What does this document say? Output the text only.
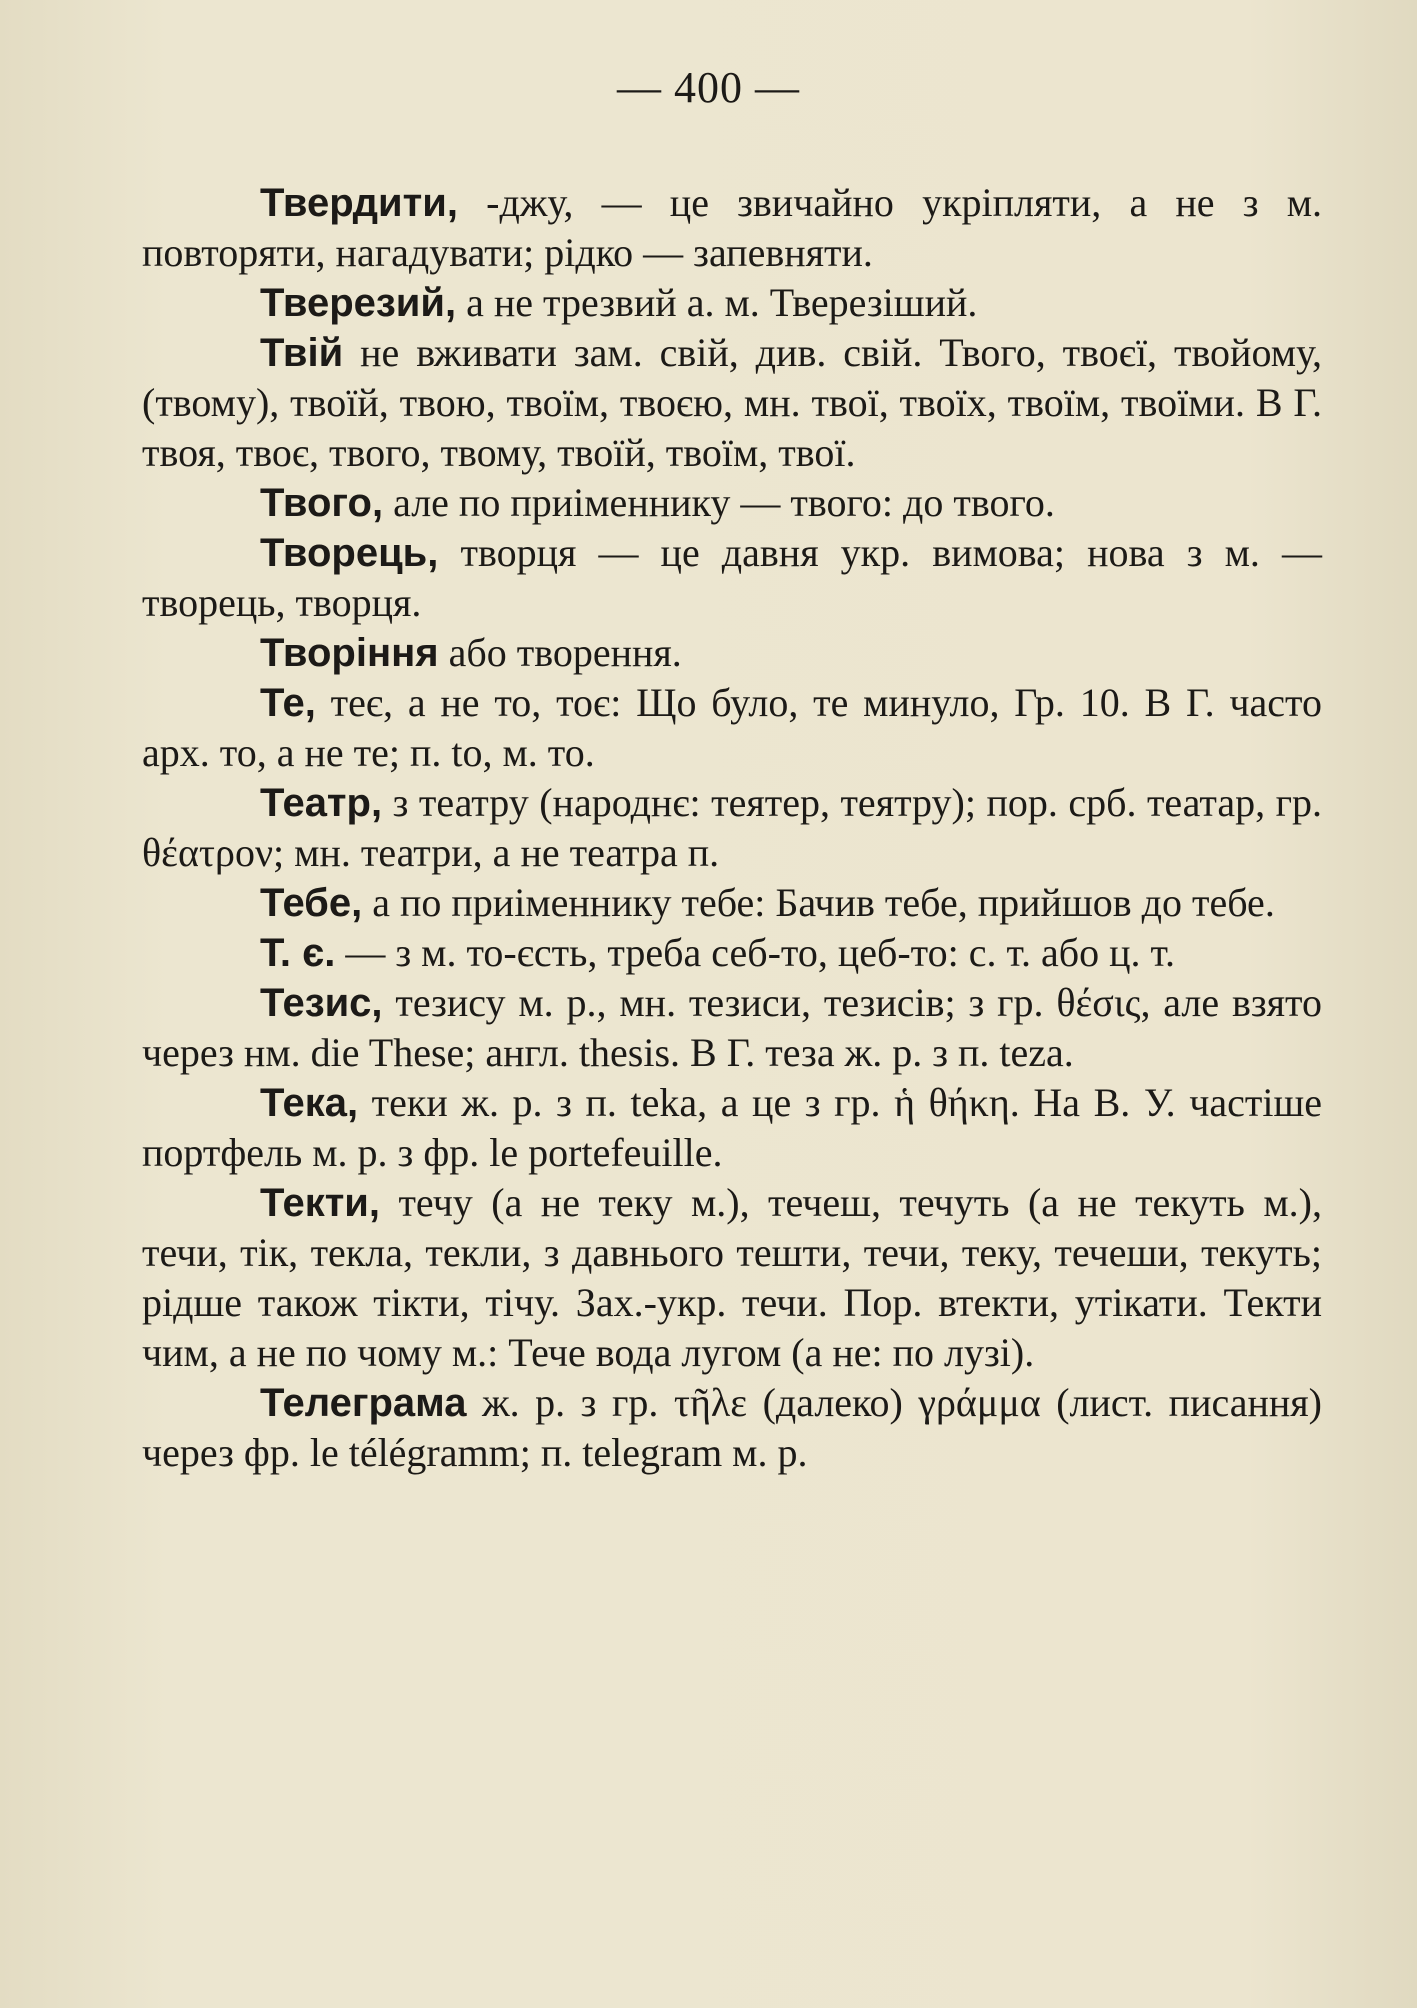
— 400 —

Твердити, -джу, — це звичайно укріпляти, а не з м. повторяти, нагадувати; рідко — запевняти.

Тверезий, а не трезвий а. м. Тверезіший.

Твій не вживати зам. свій, див. свій. Твого, твоєї, твойому, (твому), твоїй, твою, твоїм, твоєю, мн. твої, твоїх, твоїм, твоїми. В Г. твоя, твоє, твого, твому, твоїй, твоїм, твої.

Твого, але по приіменнику — твого: до твого.

Творець, творця — це давня укр. вимова; нова з м. — творець, творця.

Творіння або творення.

Те, теє, а не то, тоє: Що було, те минуло, Гр. 10. В Г. часто арх. то, а не те; п. to, м. то.

Театр, з театру (народнє: теятер, теятру); пор. срб. театар, гр. θέατρον; мн. театри, а не театра п.

Тебе, а по приіменнику тебе: Бачив тебе, прийшов до тебе.

Т. є. — з м. то-єсть, треба себ-то, цеб-то: с. т. або ц. т.

Тезис, тезису м. р., мн. тезиси, тезисів; з гр. θέσις, але взято через нм. die These; англ. thesis. В Г. теза ж. р. з п. teza.

Тека, теки ж. р. з п. teka, а це з гр. ἡ θήκη. На В. У. частіше портфель м. р. з фр. le portefeuille.

Текти, течу (а не теку м.), течеш, течуть (а не текуть м.), течи, тік, текла, текли, з давнього тешти, течи, теку, течеши, текуть; рідше також тікти, тічу. Зах.-укр. течи. Пор. втекти, утікати. Текти чим, а не по чому м.: Тече вода лугом (а не: по лузі).

Телеграма ж. р. з гр. τῆλε (далеко) γράμμα (лист. писання) через фр. le télégramm; п. telegram м. р.
